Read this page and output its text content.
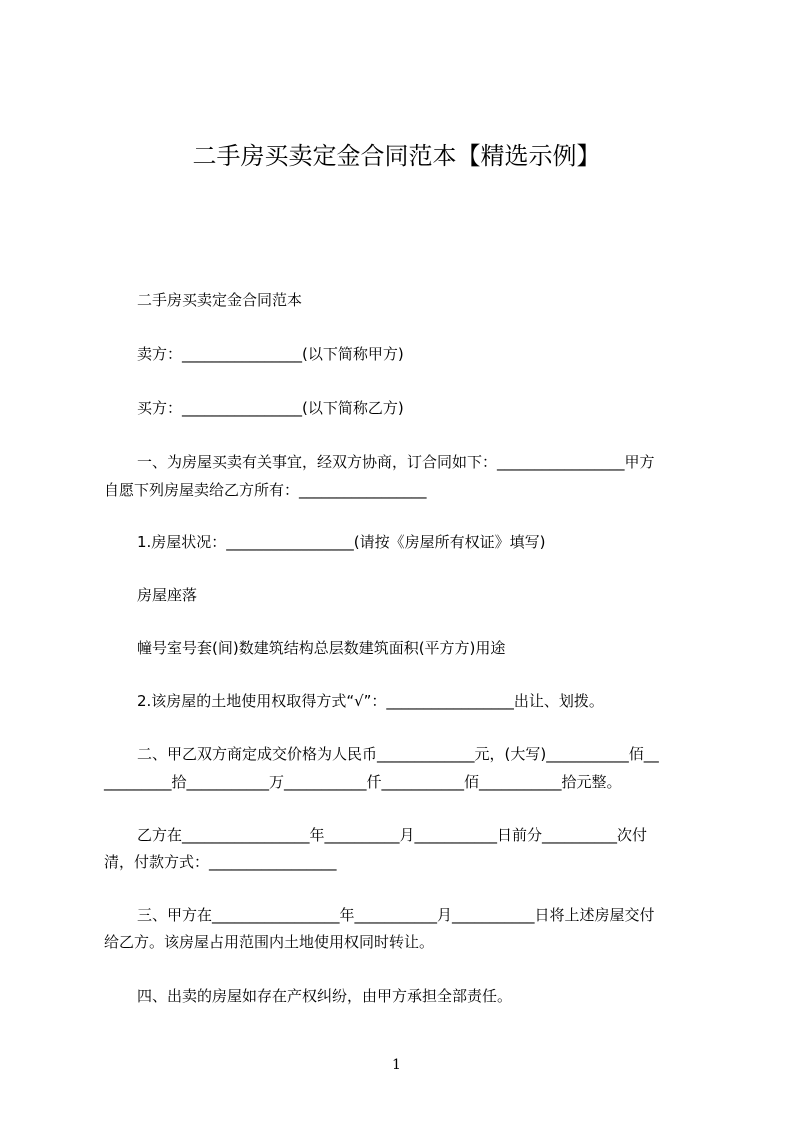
二手房买卖定金合同范本【精选示例】
二手房买卖定金合同范本
卖方：________________(以下简称甲方)
买方：________________(以下简称乙方)
一、为房屋买卖有关事宜，经双方协商，订合同如下：_________________甲方
自愿下列房屋卖给乙方所有：_________________
1.房屋状况：_________________(请按《房屋所有权证》填写)
房屋座落
幢号室号套(间)数建筑结构总层数建筑面积(平方方)用途
2.该房屋的土地使用权取得方式“√”：_________________出让、划拨。
二、甲乙双方商定成交价格为人民币_____________元，(大写)___________佰__
_________拾___________万___________仟___________佰___________拾元整。
乙方在_________________年__________月___________日前分__________次付
清，付款方式：_________________
三、甲方在_________________年___________月___________日将上述房屋交付
给乙方。该房屋占用范围内土地使用权同时转让。
四、出卖的房屋如存在产权纠纷，由甲方承担全部责任。
1
